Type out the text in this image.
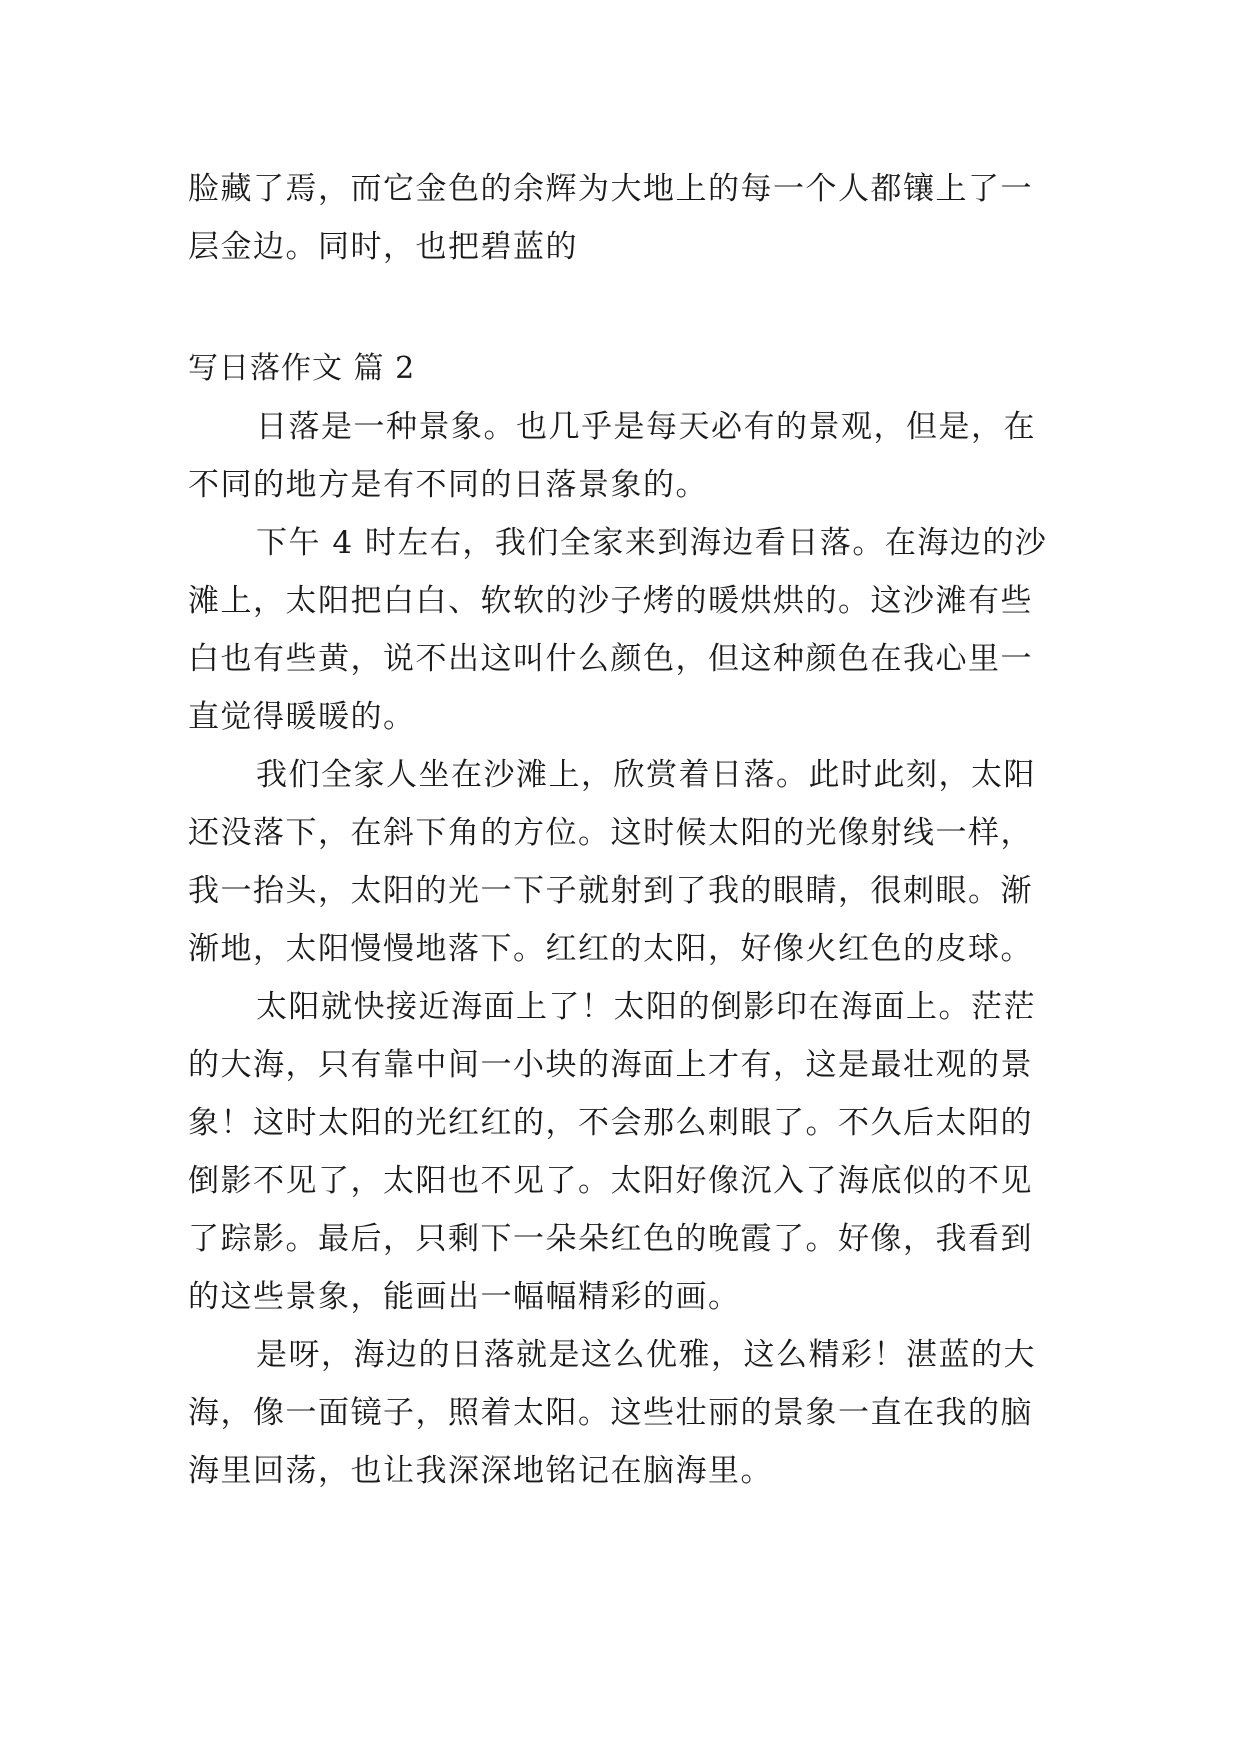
脸藏了焉，而它金色的余辉为大地上的每一个人都镶上了一
层金边。同时，也把碧蓝的
写日落作文 篇 2
日落是一种景象。也几乎是每天必有的景观，但是，在
不同的地方是有不同的日落景象的。
下午 4 时左右，我们全家来到海边看日落。在海边的沙
滩上，太阳把白白、软软的沙子烤的暖烘烘的。这沙滩有些
白也有些黄，说不出这叫什么颜色，但这种颜色在我心里一
直觉得暖暖的。
我们全家人坐在沙滩上，欣赏着日落。此时此刻，太阳
还没落下，在斜下角的方位。这时候太阳的光像射线一样，
我一抬头，太阳的光一下子就射到了我的眼睛，很刺眼。渐
渐地，太阳慢慢地落下。红红的太阳，好像火红色的皮球。
太阳就快接近海面上了！太阳的倒影印在海面上。茫茫
的大海，只有靠中间一小块的海面上才有，这是最壮观的景
象！这时太阳的光红红的，不会那么刺眼了。不久后太阳的
倒影不见了，太阳也不见了。太阳好像沉入了海底似的不见
了踪影。最后，只剩下一朵朵红色的晚霞了。好像，我看到
的这些景象，能画出一幅幅精彩的画。
是呀，海边的日落就是这么优雅，这么精彩！湛蓝的大
海，像一面镜子，照着太阳。这些壮丽的景象一直在我的脑
海里回荡，也让我深深地铭记在脑海里。
